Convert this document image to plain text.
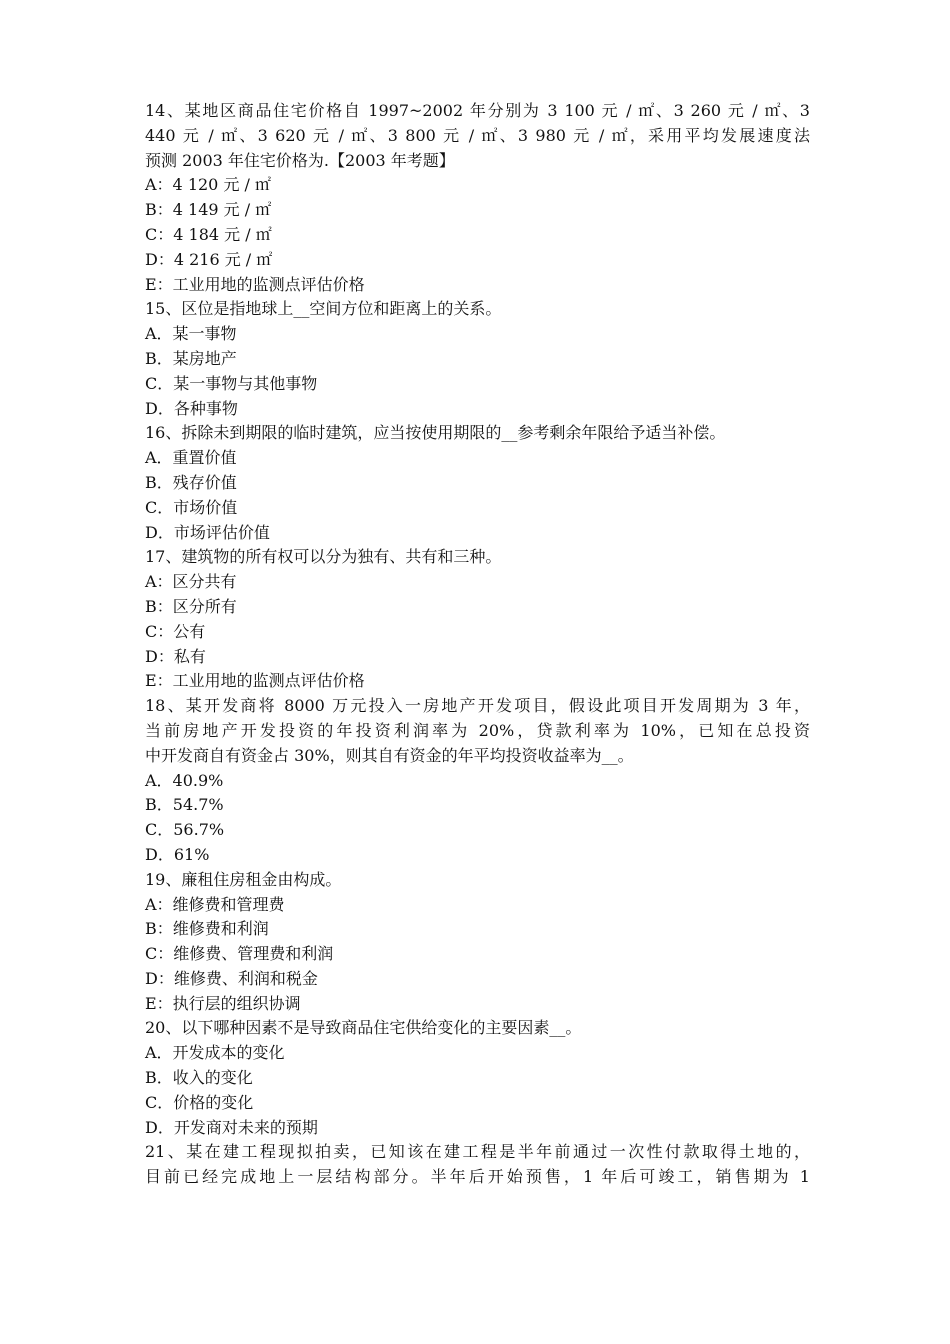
14、某地区商品住宅价格自 1997~2002 年分别为 3 100 元 / ㎡、3 260 元 / ㎡、3
440 元 / ㎡、3 620 元 / ㎡、3 800 元 / ㎡、3 980 元 / ㎡，采用平均发展速度法
预测 2003 年住宅价格为.【2003 年考题】
A：4 120 元 / ㎡
B：4 149 元 / ㎡
C：4 184 元 / ㎡
D：4 216 元 / ㎡
E：工业用地的监测点评估价格
15、区位是指地球上__空间方位和距离上的关系。
A．某一事物
B．某房地产
C．某一事物与其他事物
D．各种事物
16、拆除未到期限的临时建筑，应当按使用期限的__参考剩余年限给予适当补偿。
A．重置价值
B．残存价值
C．市场价值
D．市场评估价值
17、建筑物的所有权可以分为独有、共有和三种。
A：区分共有
B：区分所有
C：公有
D：私有
E：工业用地的监测点评估价格
18、某开发商将 8000 万元投入一房地产开发项目，假设此项目开发周期为 3 年，
当前房地产开发投资的年投资利润率为 20%，贷款利率为 10%，已知在总投资
中开发商自有资金占 30%，则其自有资金的年平均投资收益率为__。
A．40.9%
B．54.7%
C．56.7%
D．61%
19、廉租住房租金由构成。
A：维修费和管理费
B：维修费和利润
C：维修费、管理费和利润
D：维修费、利润和税金
E：执行层的组织协调
20、以下哪种因素不是导致商品住宅供给变化的主要因素__。
A．开发成本的变化
B．收入的变化
C．价格的变化
D．开发商对未来的预期
21、某在建工程现拟拍卖，已知该在建工程是半年前通过一次性付款取得土地的，
目前已经完成地上一层结构部分。半年后开始预售，1 年后可竣工，销售期为 1
